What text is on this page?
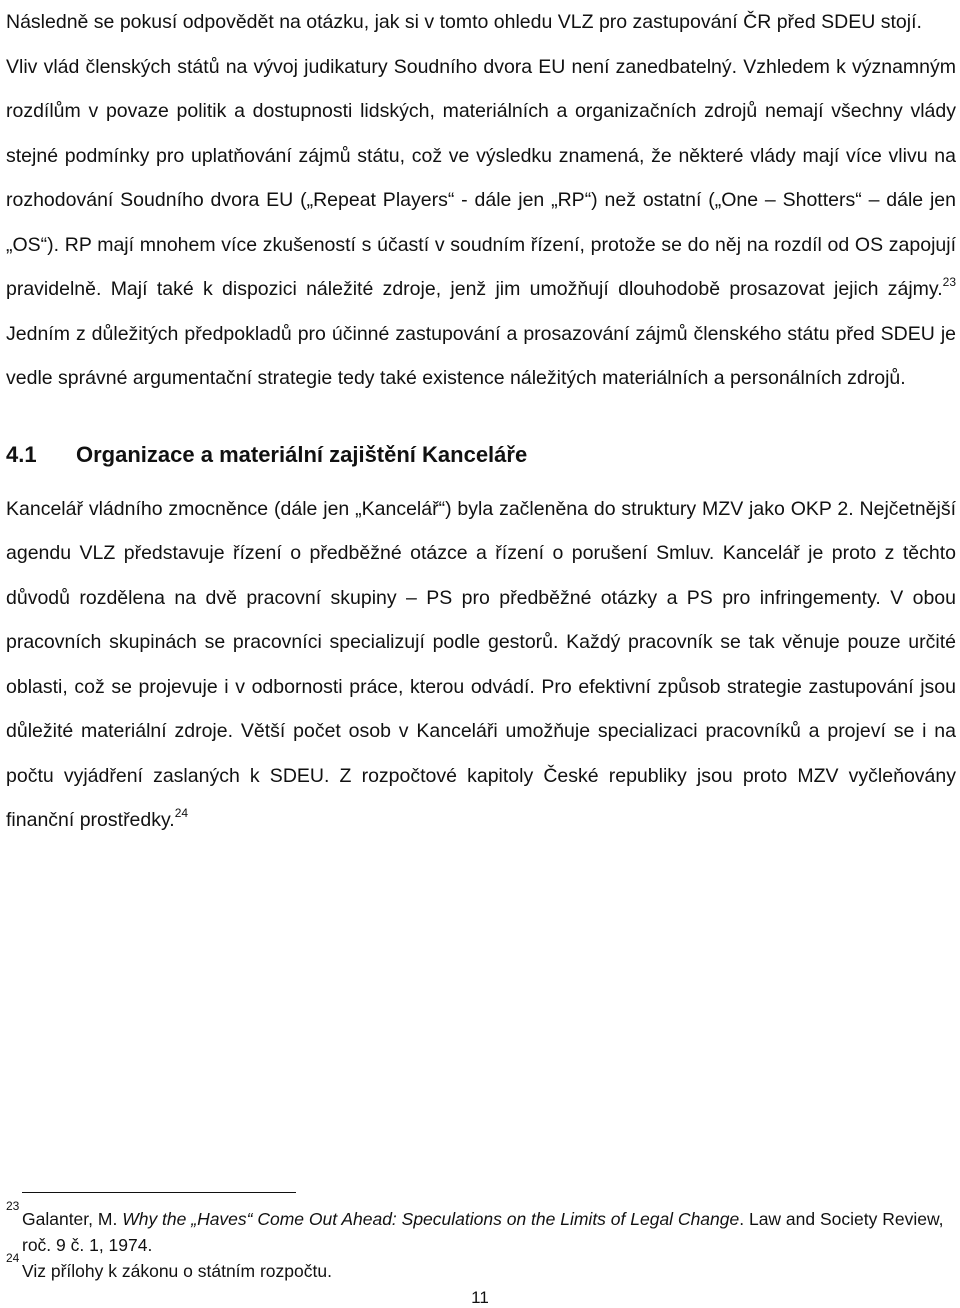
Následně se pokusí odpovědět na otázku, jak si v tomto ohledu VLZ pro zastupování ČR před SDEU stojí.

Vliv vlád členských států na vývoj judikatury Soudního dvora EU není zanedbatelný. Vzhledem k významným rozdílům v povaze politik a dostupnosti lidských, materiálních a organizačních zdrojů nemají všechny vlády stejné podmínky pro uplatňování zájmů státu, což ve výsledku znamená, že některé vlády mají více vlivu na rozhodování Soudního dvora EU („Repeat Players“ - dále jen „RP“) než ostatní („One – Shotters“ – dále jen „OS“). RP mají mnohem více zkušeností s účastí v soudním řízení, protože se do něj na rozdíl od OS zapojují pravidelně. Mají také k dispozici náležité zdroje, jenž jim umožňují dlouhodobě prosazovat jejich zájmy.$^{23}$ Jedním z důležitých předpokladů pro účinné zastupování a prosazování zájmů členského státu před SDEU je vedle správné argumentační strategie tedy také existence náležitých materiálních a personálních zdrojů.

4.1	Organizace a materiální zajištění Kanceláře

Kancelář vládního zmocněnce (dále jen „Kancelář“) byla začleněna do struktury MZV jako OKP 2. Nejčetnější agendu VLZ představuje řízení o předběžné otázce a řízení o porušení Smluv. Kancelář je proto z těchto důvodů rozdělena na dvě pracovní skupiny – PS pro předběžné otázky a PS pro infringementy. V obou pracovních skupinách se pracovníci specializují podle gestorů. Každý pracovník se tak věnuje pouze určité oblasti, což se projevuje i v odbornosti práce, kterou odvádí. Pro efektivní způsob strategie zastupování jsou důležité materiální zdroje. Větší počet osob v Kanceláři umožňuje specializaci pracovníků a projeví se i na počtu vyjádření zaslaných k SDEU. Z rozpočtové kapitoly České republiky jsou proto MZV vyčleňovány finanční prostředky.$^{24}$

23
Galanter, M. Why the „Haves“ Come Out Ahead: Speculations on the Limits of Legal Change. Law and Society Review, roč. 9 č. 1, 1974.

24
Viz přílohy k zákonu o státním rozpočtu.

11
